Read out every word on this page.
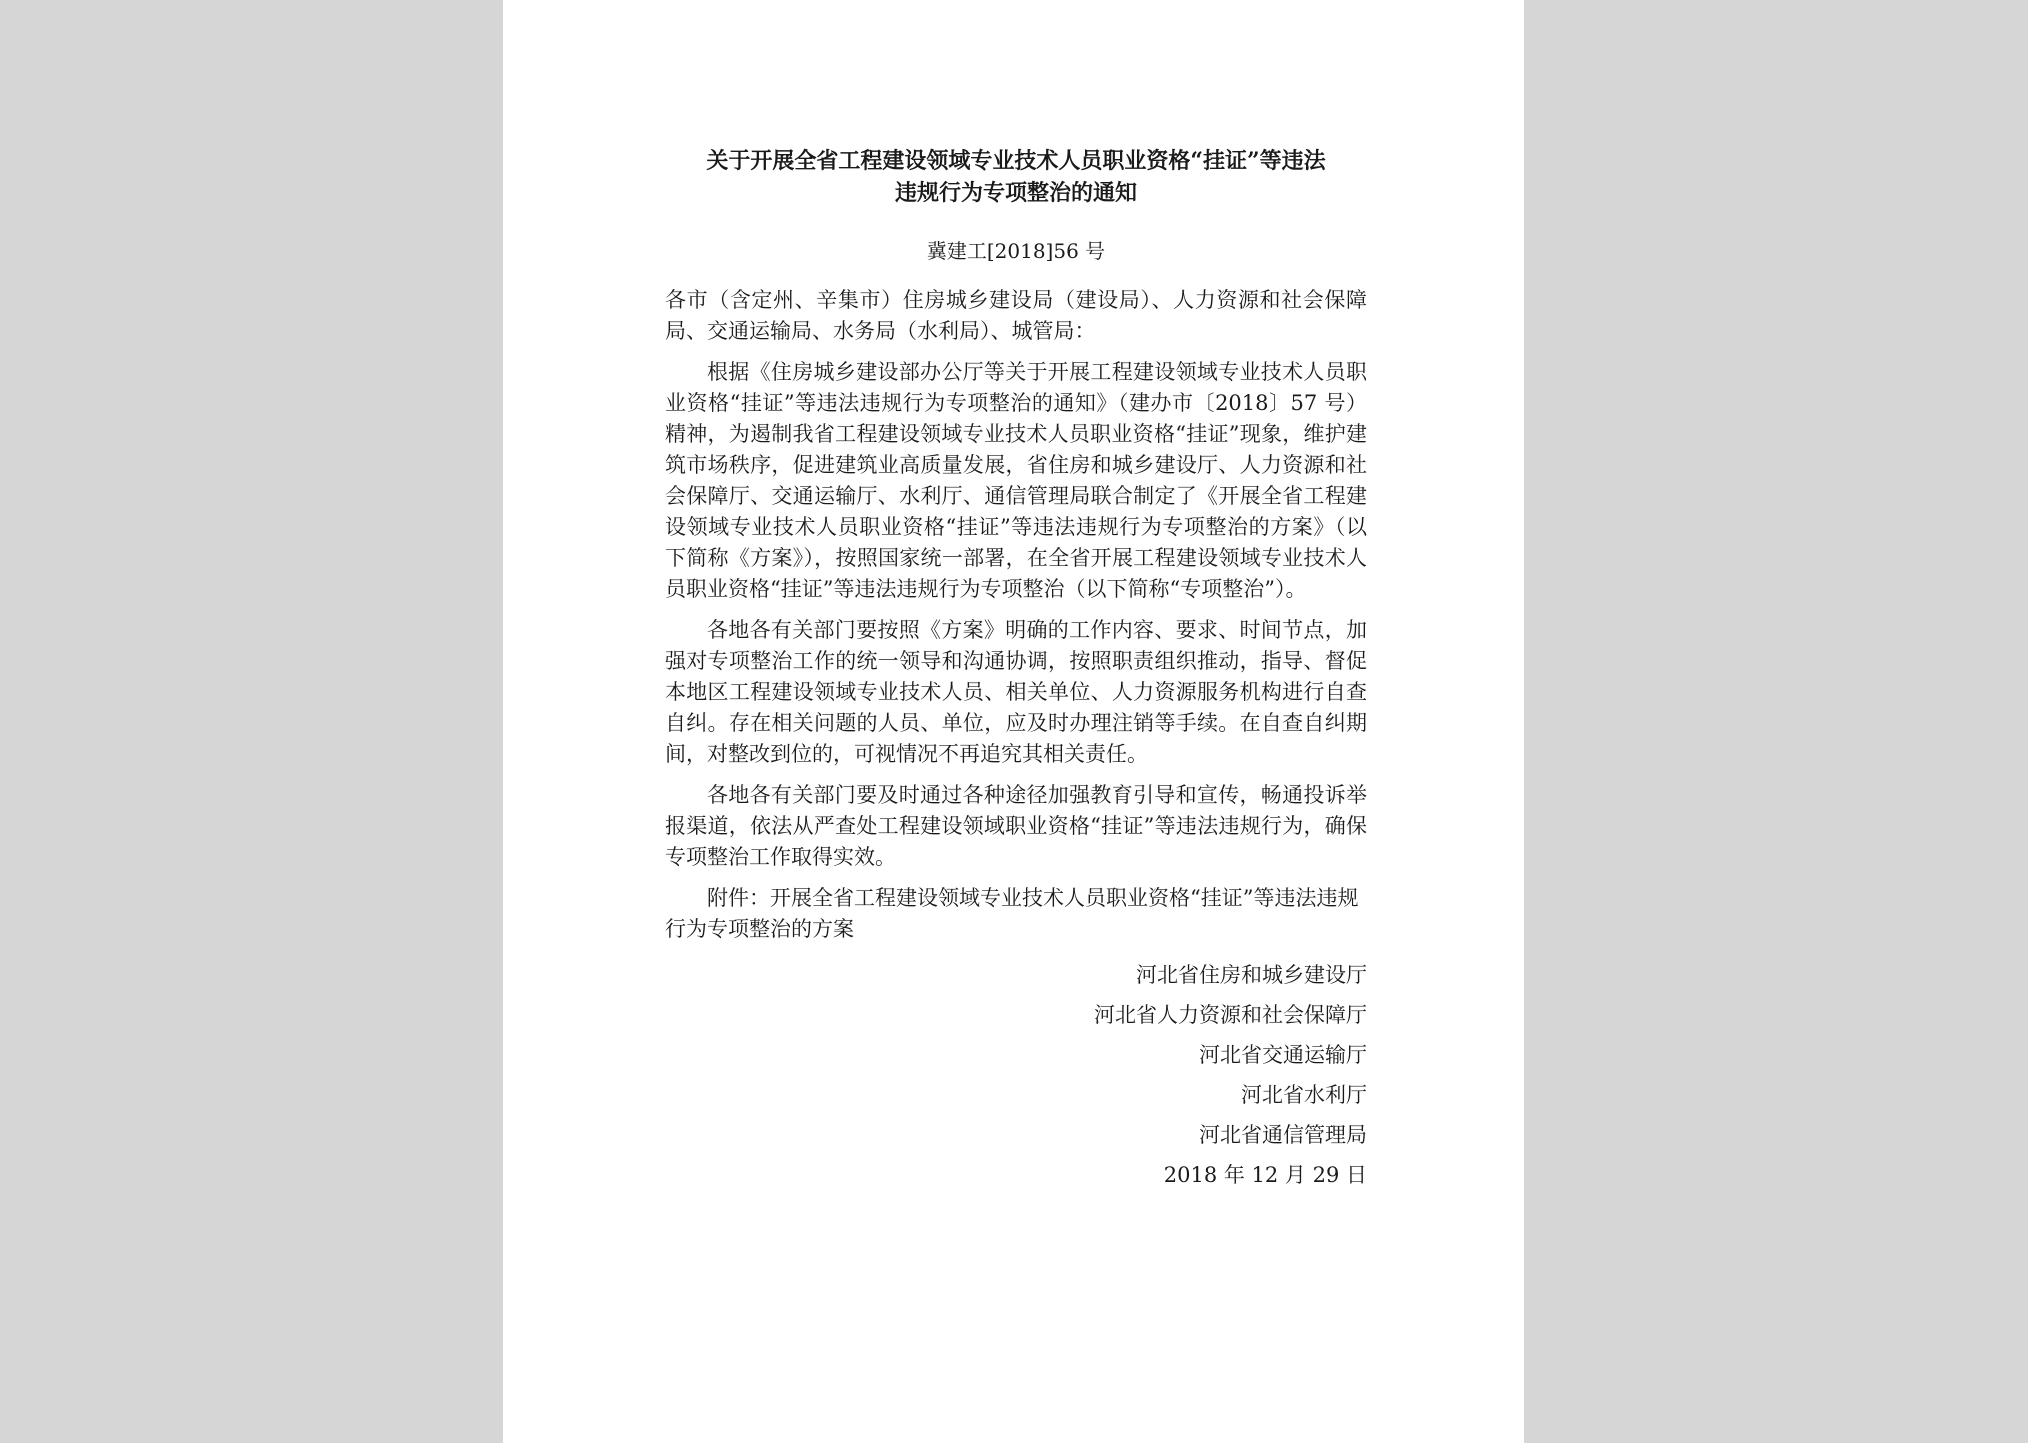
关于开展全省工程建设领域专业技术人员职业资格“挂证”等违法
违规行为专项整治的通知

冀建工[2018]56 号

各市（含定州、辛集市）住房城乡建设局（建设局）、人力资源和社会保障局、交通运输局、水务局（水利局）、城管局：

根据《住房城乡建设部办公厅等关于开展工程建设领域专业技术人员职业资格“挂证”等违法违规行为专项整治的通知》（建办市〔2018〕57 号）精神，为遏制我省工程建设领域专业技术人员职业资格“挂证”现象，维护建筑市场秩序，促进建筑业高质量发展，省住房和城乡建设厅、人力资源和社会保障厅、交通运输厅、水利厅、通信管理局联合制定了《开展全省工程建设领域专业技术人员职业资格“挂证”等违法违规行为专项整治的方案》（以下简称《方案》），按照国家统一部署，在全省开展工程建设领域专业技术人员职业资格“挂证”等违法违规行为专项整治（以下简称“专项整治”）。

各地各有关部门要按照《方案》明确的工作内容、要求、时间节点，加强对专项整治工作的统一领导和沟通协调，按照职责组织推动，指导、督促本地区工程建设领域专业技术人员、相关单位、人力资源服务机构进行自查自纠。存在相关问题的人员、单位，应及时办理注销等手续。在自查自纠期间，对整改到位的，可视情况不再追究其相关责任。

各地各有关部门要及时通过各种途径加强教育引导和宣传，畅通投诉举报渠道，依法从严查处工程建设领域职业资格“挂证”等违法违规行为，确保专项整治工作取得实效。

附件：开展全省工程建设领域专业技术人员职业资格“挂证”等违法违规行为专项整治的方案
河北省住房和城乡建设厅
河北省人力资源和社会保障厅
河北省交通运输厅
河北省水利厅
河北省通信管理局
2018 年 12 月 29 日
